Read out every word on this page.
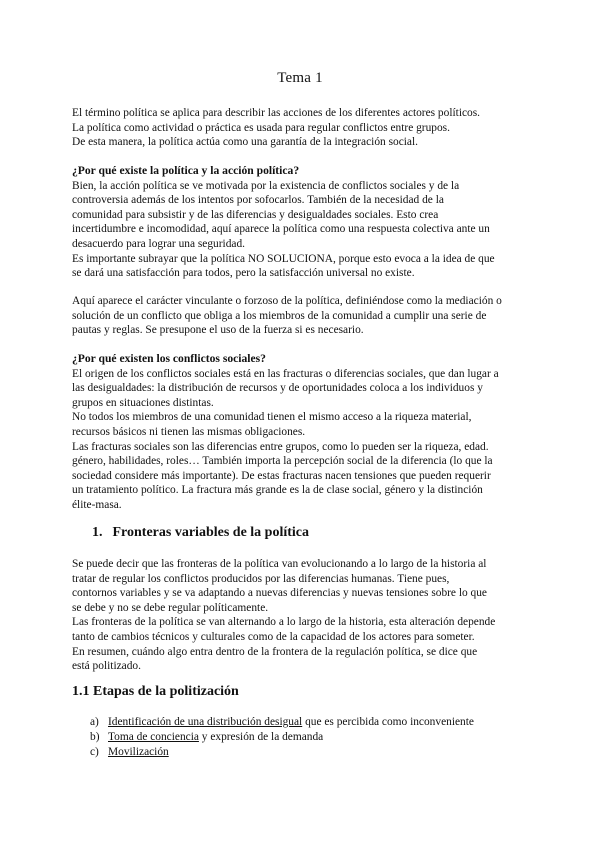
Tema 1

El término política se aplica para describir las acciones de los diferentes actores políticos.

La política como actividad o práctica es usada para regular conflictos entre grupos.

De esta manera, la política actúa como una garantía de la integración social.

¿Por qué existe la política y la acción política?

Bien, la acción política se ve motivada por la existencia de conflictos sociales y de la

controversia además de los intentos por sofocarlos. También de la necesidad de la

comunidad para subsistir y de las diferencias y desigualdades sociales. Esto crea

incertidumbre e incomodidad, aquí aparece la política como una respuesta colectiva ante un

desacuerdo para lograr una seguridad.

Es importante subrayar que la política NO SOLUCIONA, porque esto evoca a la idea de que

se dará una satisfacción para todos, pero la satisfacción universal no existe.

Aquí aparece el carácter vinculante o forzoso de la política, definiéndose como la mediación o

solución de un conflicto que obliga a los miembros de la comunidad a cumplir una serie de

pautas y reglas. Se presupone el uso de la fuerza si es necesario.

¿Por qué existen los conflictos sociales?

El origen de los conflictos sociales está en las fracturas o diferencias sociales, que dan lugar a

las desigualdades: la distribución de recursos y de oportunidades coloca a los individuos y

grupos en situaciones distintas.

No todos los miembros de una comunidad tienen el mismo acceso a la riqueza material,

recursos básicos ni tienen las mismas obligaciones.

Las fracturas sociales son las diferencias entre grupos, como lo pueden ser la riqueza, edad.

género, habilidades, roles… También importa la percepción social de la diferencia (lo que la

sociedad considere más importante). De estas fracturas nacen tensiones que pueden requerir

un tratamiento político. La fractura más grande es la de clase social, género y la distinción

élite-masa.

1. Fronteras variables de la política

Se puede decir que las fronteras de la política van evolucionando a lo largo de la historia al

tratar de regular los conflictos producidos por las diferencias humanas. Tiene pues,

contornos variables y se va adaptando a nuevas diferencias y nuevas tensiones sobre lo que

se debe y no se debe regular políticamente.

Las fronteras de la política se van alternando a lo largo de la historia, esta alteración depende

tanto de cambios técnicos y culturales como de la capacidad de los actores para someter.

En resumen, cuándo algo entra dentro de la frontera de la regulación política, se dice que

está politizado.

1.1 Etapas de la politización
a) Identificación de una distribución desigual que es percibida como inconveniente
b) Toma de conciencia y expresión de la demanda
c) Movilización
